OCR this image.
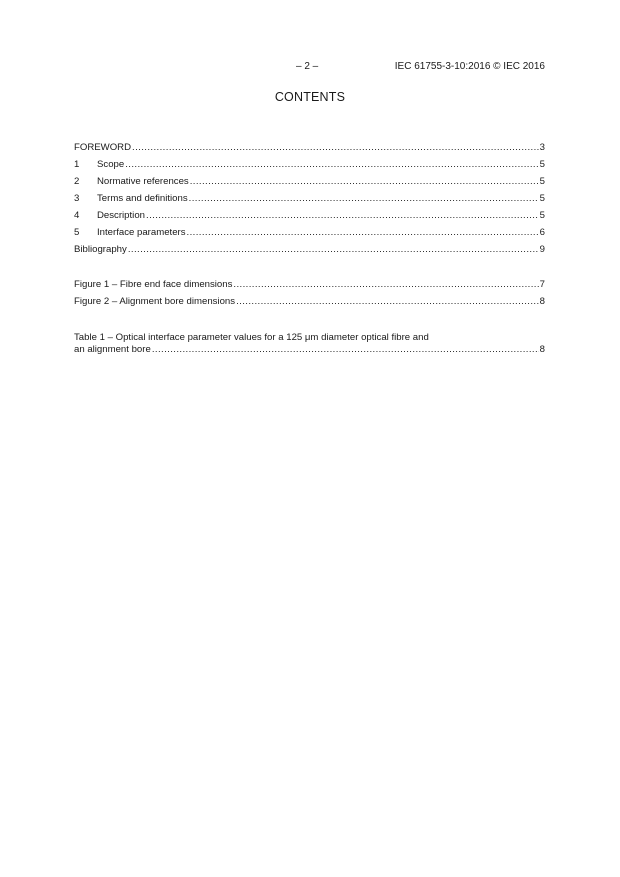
– 2 –	IEC 61755-3-10:2016 © IEC 2016
CONTENTS
FOREWORD .....	3
1	Scope .....	5
2	Normative references .....	5
3	Terms and definitions .....	5
4	Description .....	5
5	Interface parameters .....	6
Bibliography .....	9
Figure 1 – Fibre end face dimensions .....	7
Figure 2 – Alignment bore dimensions .....	8
Table 1 – Optical interface parameter values for a 125 μm diameter optical fibre and
an alignment bore .....	8
